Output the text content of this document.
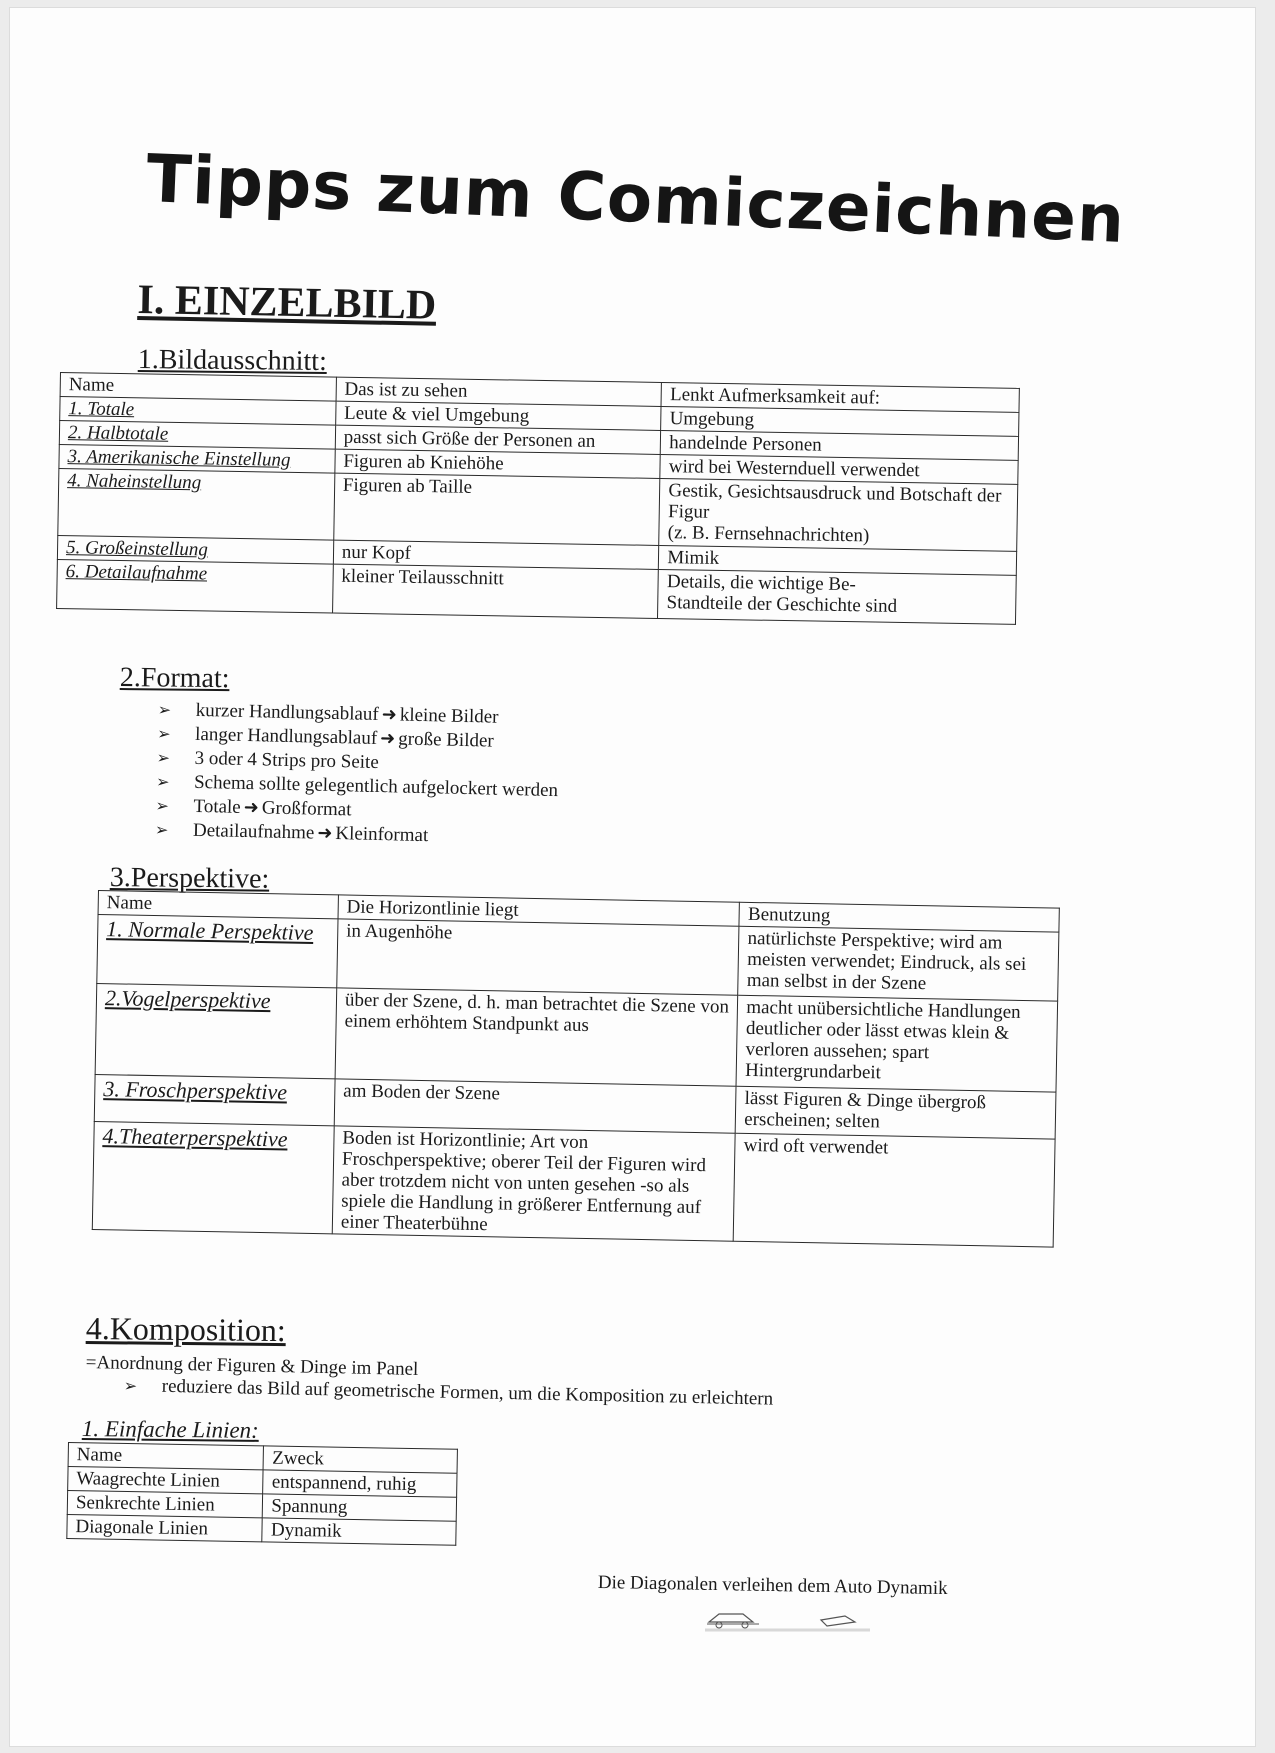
Tipps zum Comiczeichnen
I. EINZELBILD
1.Bildausschnitt:
Name	Das ist zu sehen	Lenkt Aufmerksamkeit auf:
1. Totale	Leute & viel Umgebung	Umgebung
2. Halbtotale	passt sich Größe der Personen an	handelnde Personen
3. Amerikanische Einstellung	Figuren ab Kniehöhe	wird bei Westernduell verwendet
4. Naheinstellung	Figuren ab Taille	Gestik, Gesichtsausdruck und Botschaft der Figur
(z. B. Fernsehnachrichten)
5. Großeinstellung	nur Kopf	Mimik
6. Detailaufnahme	kleiner Teilausschnitt	Details, die wichtige Be-
Standteile der Geschichte sind
2.Format:
➢ kurzer Handlungsablauf ➜ kleine Bilder
➢ langer Handlungsablauf ➜ große Bilder
➢ 3 oder 4 Strips pro Seite
➢ Schema sollte gelegentlich aufgelockert werden
➢ Totale ➜ Großformat
➢ Detailaufnahme ➜ Kleinformat
3.Perspektive:
Name	Die Horizontlinie liegt	Benutzung
1. Normale Perspektive	in Augenhöhe	natürlichste Perspektive; wird am meisten verwendet; Eindruck, als sei man selbst in der Szene
2.Vogelperspektive	über der Szene, d. h. man betrachtet die Szene von einem erhöhtem Standpunkt aus	macht unübersichtliche Handlungen deutlicher oder lässt etwas klein & verloren aussehen; spart Hintergrundarbeit
3. Froschperspektive	am Boden der Szene	lässt Figuren & Dinge übergroß erscheinen; selten
4.Theaterperspektive	Boden ist Horizontlinie; Art von Froschperspektive; oberer Teil der Figuren wird aber trotzdem nicht von unten gesehen -so als spiele die Handlung in größerer Entfernung auf einer Theaterbühne	wird oft verwendet
4.Komposition:
=Anordnung der Figuren & Dinge im Panel
➢ reduziere das Bild auf geometrische Formen, um die Komposition zu erleichtern
1. Einfache Linien:
Name	Zweck
Waagrechte Linien	entspannend, ruhig
Senkrechte Linien	Spannung
Diagonale Linien	Dynamik
Die Diagonalen verleihen dem Auto Dynamik
